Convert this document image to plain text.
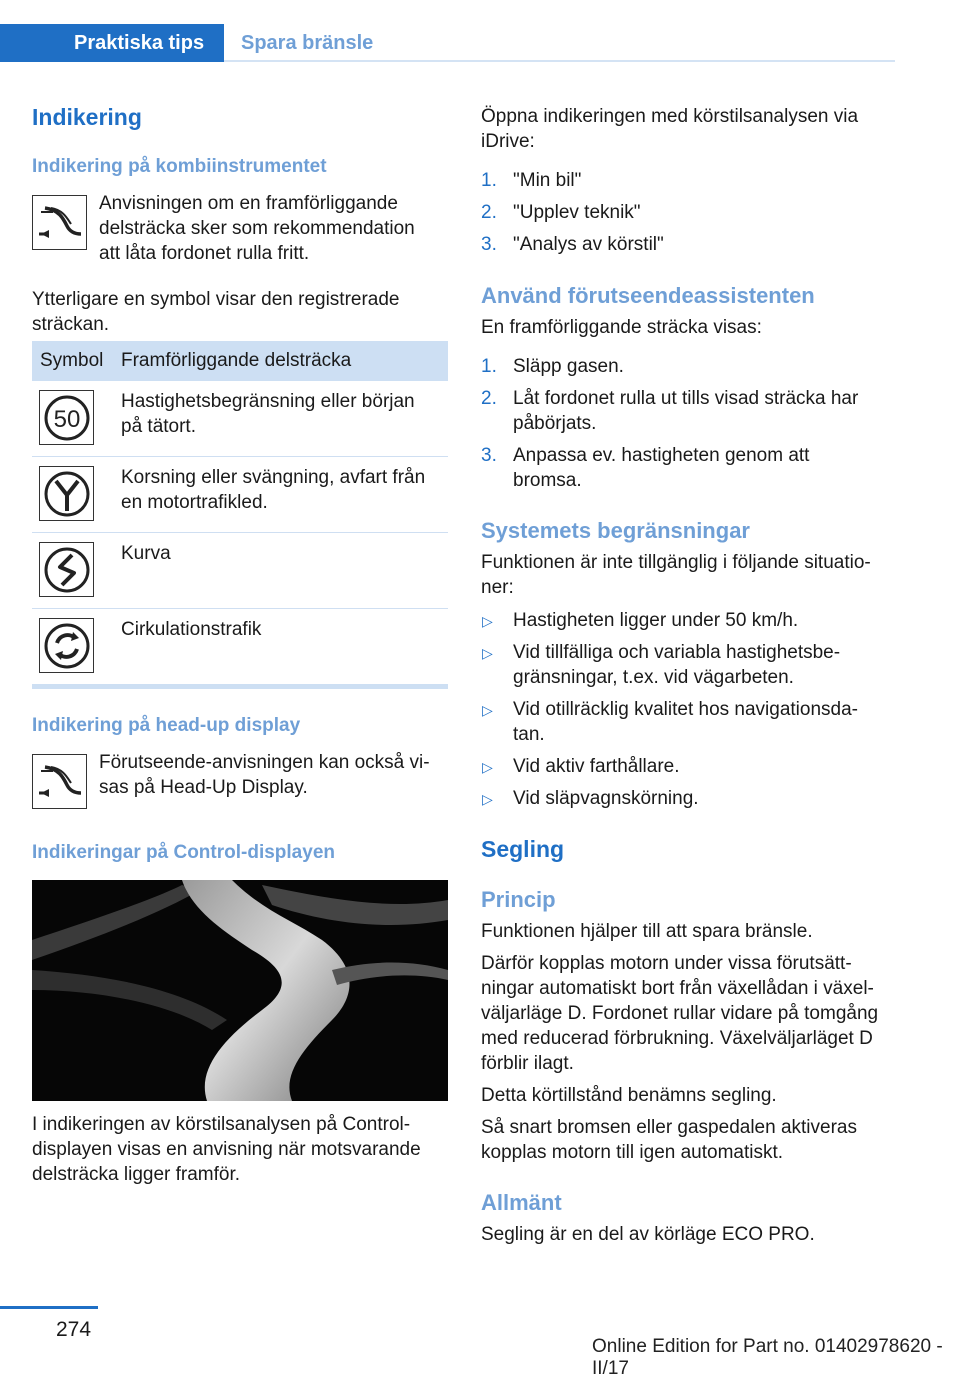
Praktiska tips	Spara bränsle
Indikering
Indikering på kombiinstrumentet
Anvisningen om en framförliggande
delsträcka sker som rekommendation
att låta fordonet rulla fritt.
Ytterligare en symbol visar den registrerade
sträckan.
Symbol Framförliggande delsträcka
50
Hastighetsbegränsning eller början
på tätort.
Korsning eller svängning, avfart från
en motortrafikled.
Kurva
Cirkulationstrafik
Indikering på head-up display
Förutseende-anvisningen kan också vi‐
sas på Head-Up Display.
Indikeringar på Control-displayen
I indikeringen av körstilsanalysen på Control‐
displayen visas en anvisning när motsvarande
delsträcka ligger framför.
Öppna indikeringen med körstilsanalysen via
iDrive:
1. "Min bil"
2. "Upplev teknik"
3. "Analys av körstil"
Använd förutseendeassistenten
En framförliggande sträcka visas:
1. Släpp gasen.
2. Låt fordonet rulla ut tills visad sträcka har
påbörjats.
3. Anpassa ev. hastigheten genom att
bromsa.
Systemets begränsningar
Funktionen är inte tillgänglig i följande situatio‐
ner:
▷ Hastigheten ligger under 50 km/h.
▷ Vid tillfälliga och variabla hastighetsbe‐
gränsningar, t.ex. vid vägarbeten.
▷ Vid otillräcklig kvalitet hos navigationsda‐
tan.
▷ Vid aktiv farthållare.
▷ Vid släpvagnskörning.
Segling
Princip
Funktionen hjälper till att spara bränsle.
Därför kopplas motorn under vissa förutsätt‐
ningar automatiskt bort från växellådan i växel‐
väljarläge D. Fordonet rullar vidare på tomgång
med reducerad förbrukning. Växelväljarläget D
förblir ilagt.
Detta körtillstånd benämns segling.
Så snart bromsen eller gaspedalen aktiveras
kopplas motorn till igen automatiskt.
Allmänt
Segling är en del av körläge ECO PRO.
274
Online Edition for Part no. 01402978620 - II/17
